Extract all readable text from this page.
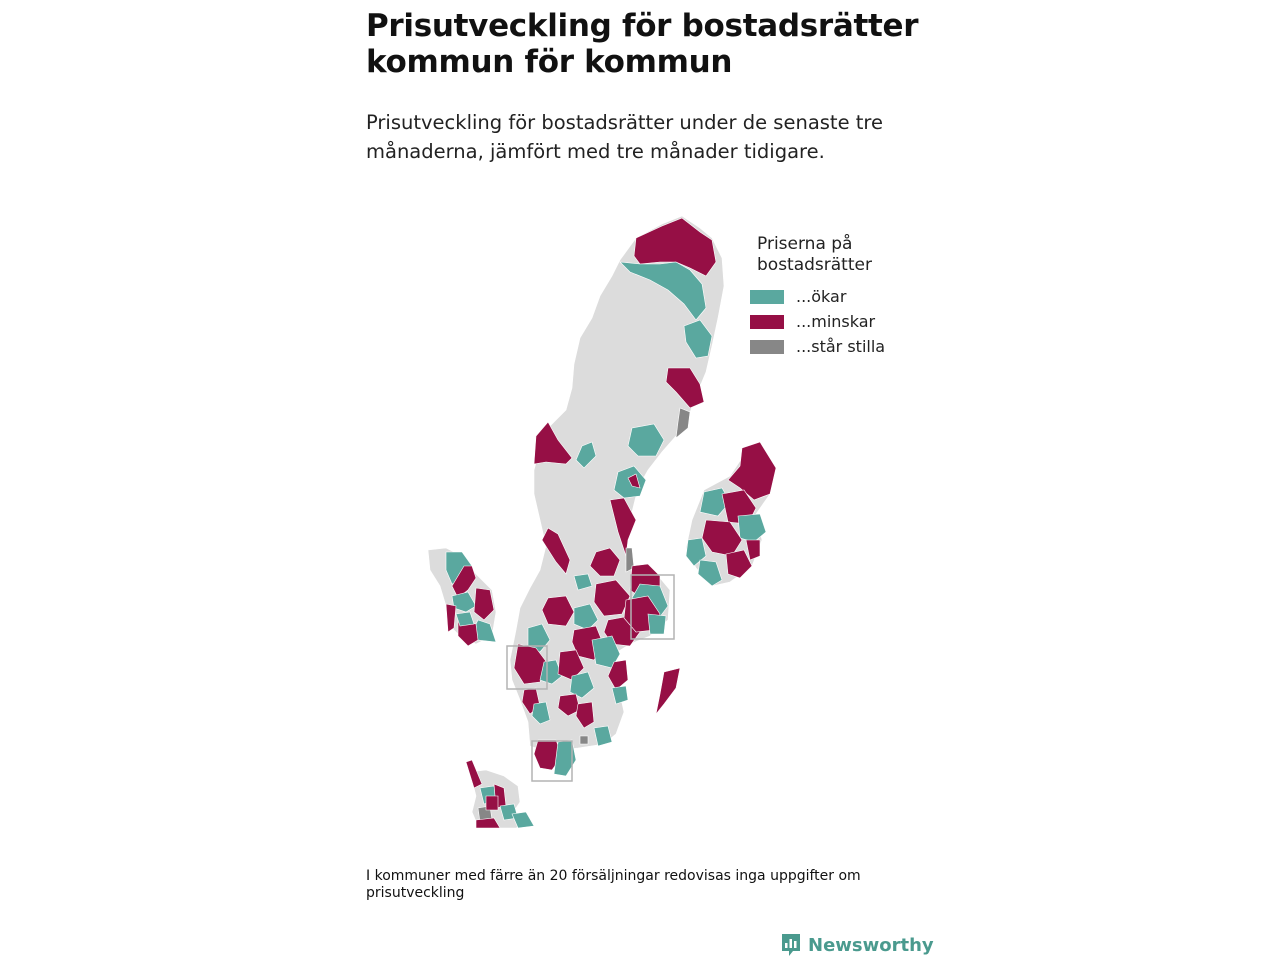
Prisutveckling för bostadsrätter
kommun för kommun
Prisutveckling för bostadsrätter under de senaste tre
månaderna, jämfört med tre månader tidigare.
Priserna på
bostadsrätter
...ökar
...minskar
...står stilla
I kommuner med färre än 20 försäljningar redovisas inga uppgifter om prisutveckling
Newsworthy
